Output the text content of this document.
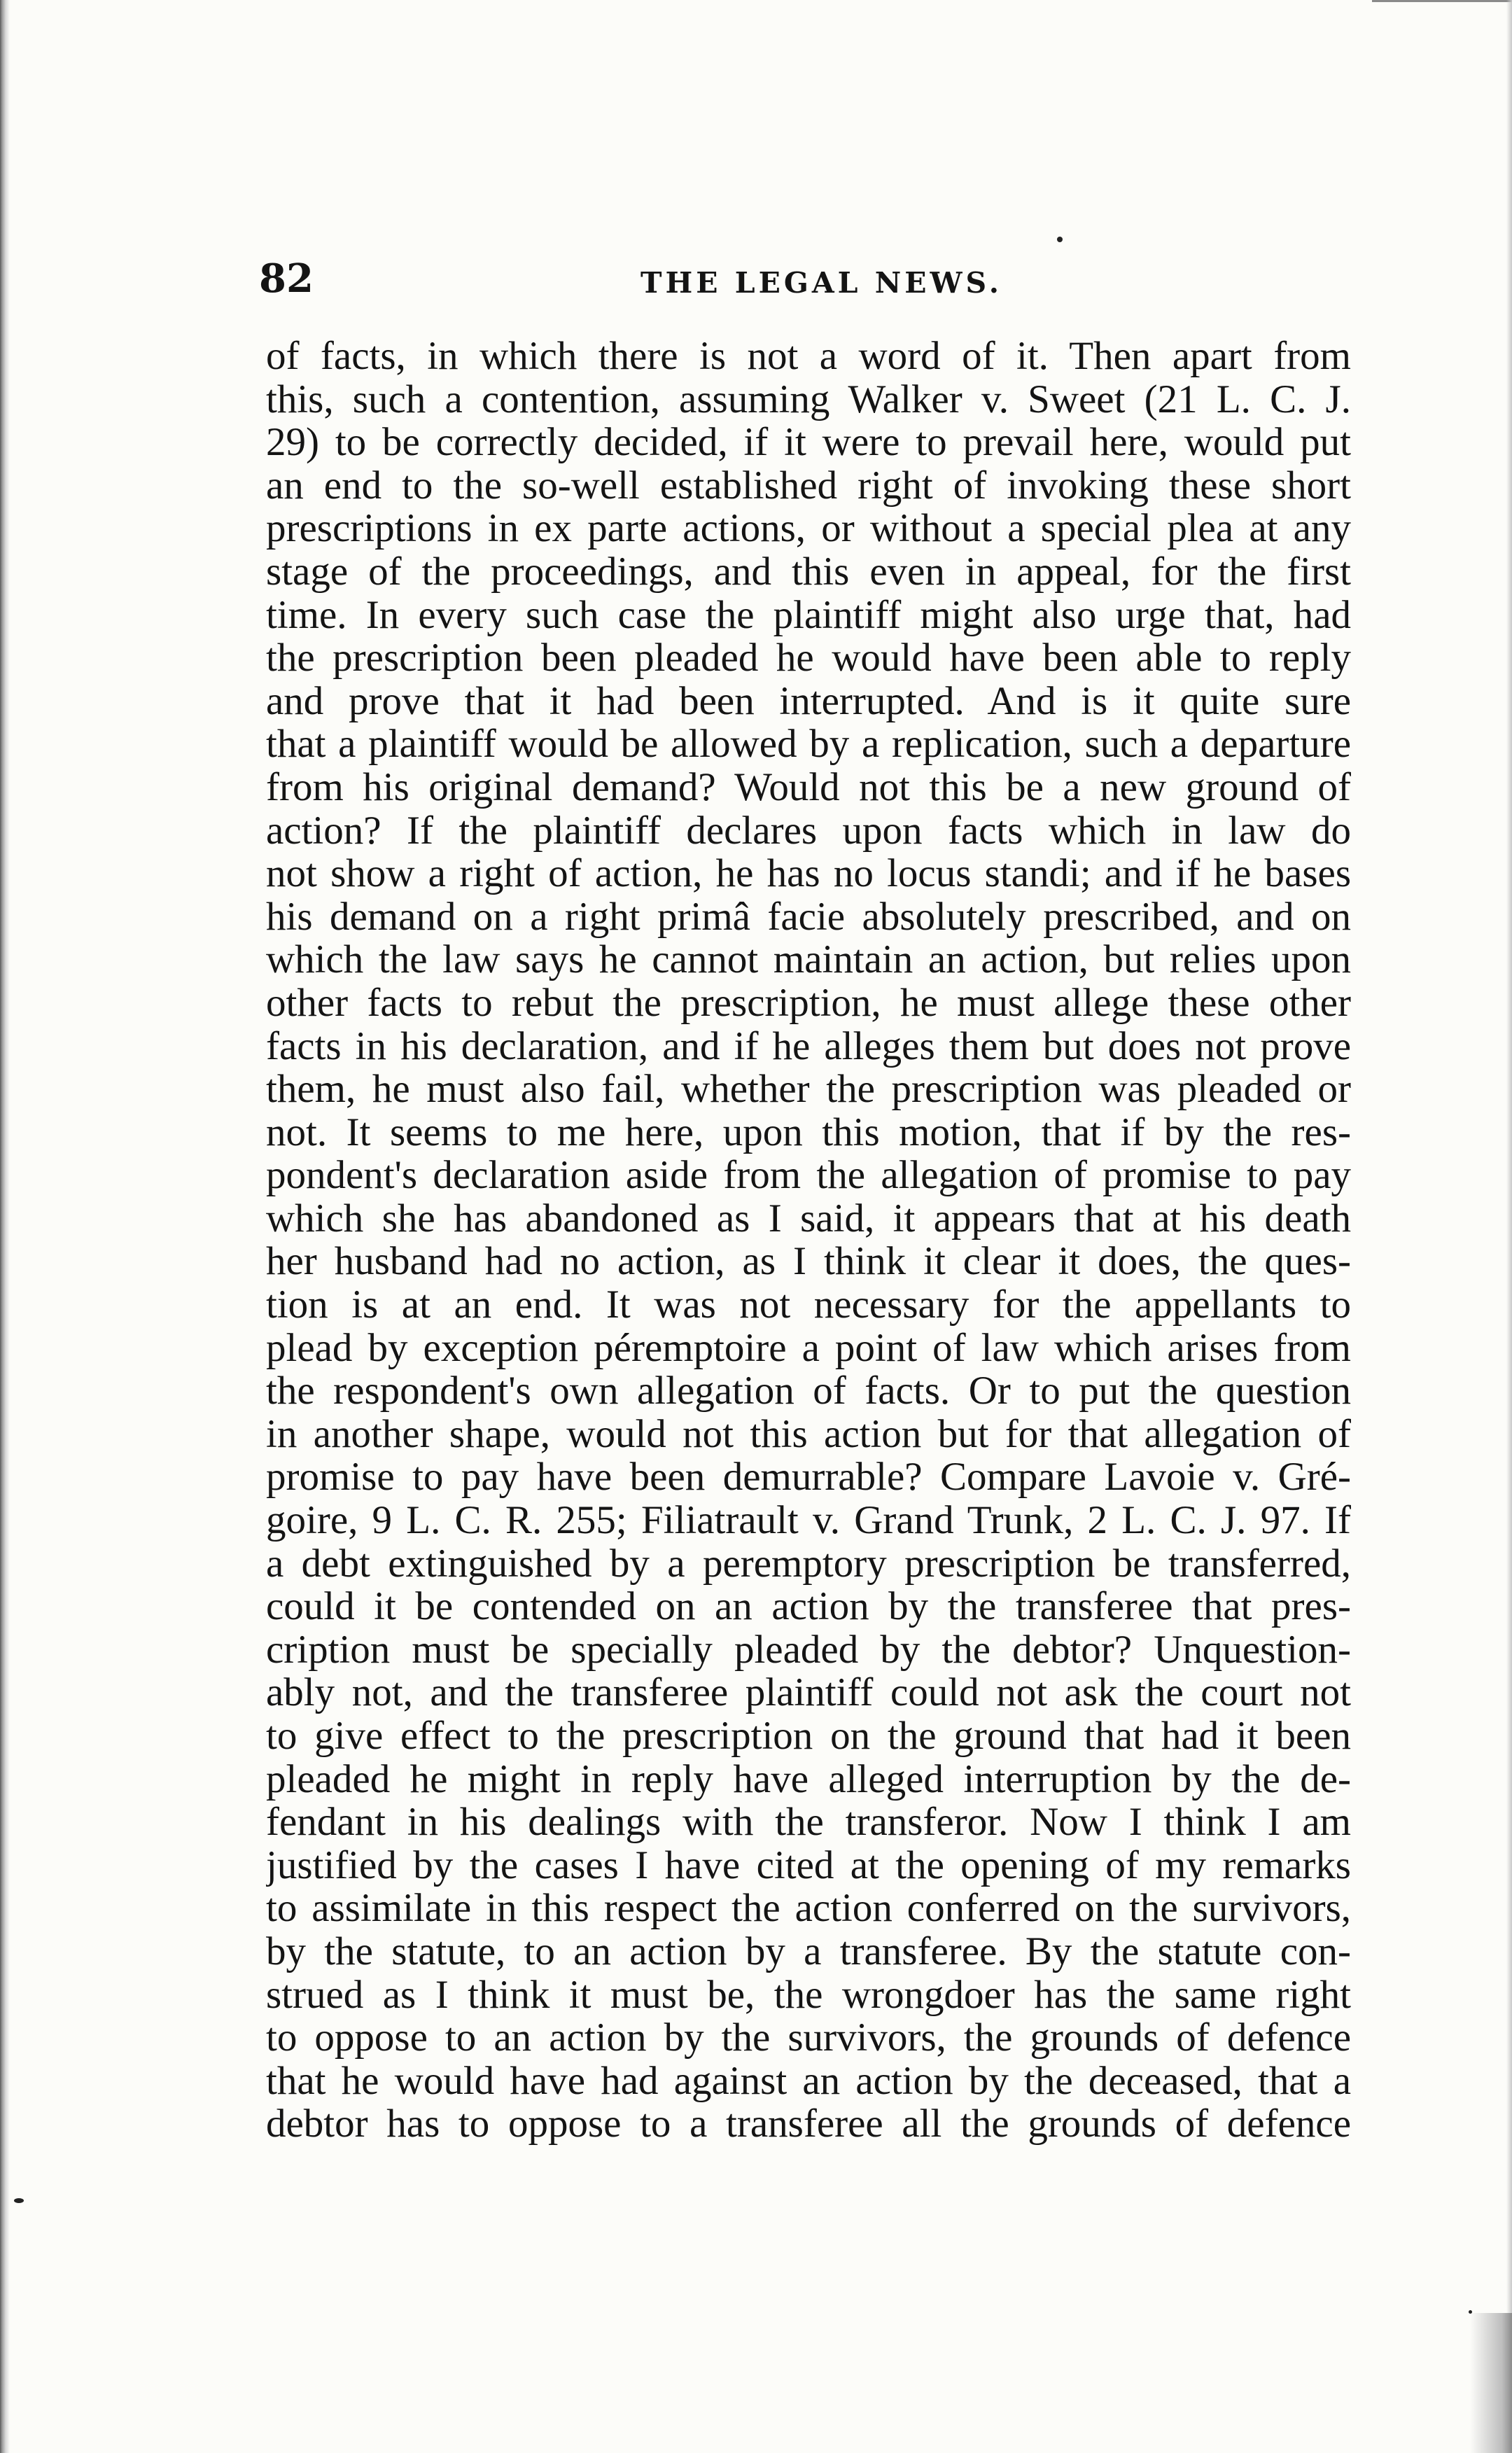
82	THE LEGAL NEWS.
of facts, in which there is not a word of it. Then apart from
this, such a contention, assuming Walker v. Sweet (21 L. C. J.
29) to be correctly decided, if it were to prevail here, would put
an end to the so-well established right of invoking these short
prescriptions in ex parte actions, or without a special plea at any
stage of the proceedings, and this even in appeal, for the first
time. In every such case the plaintiff might also urge that, had
the prescription been pleaded he would have been able to reply
and prove that it had been interrupted. And is it quite sure
that a plaintiff would be allowed by a replication, such a departure
from his original demand? Would not this be a new ground of
action? If the plaintiff declares upon facts which in law do
not show a right of action, he has no locus standi; and if he bases
his demand on a right primâ facie absolutely prescribed, and on
which the law says he cannot maintain an action, but relies upon
other facts to rebut the prescription, he must allege these other
facts in his declaration, and if he alleges them but does not prove
them, he must also fail, whether the prescription was pleaded or
not. It seems to me here, upon this motion, that if by the res-
pondent's declaration aside from the allegation of promise to pay
which she has abandoned as I said, it appears that at his death
her husband had no action, as I think it clear it does, the ques-
tion is at an end. It was not necessary for the appellants to
plead by exception péremptoire a point of law which arises from
the respondent's own allegation of facts. Or to put the question
in another shape, would not this action but for that allegation of
promise to pay have been demurrable? Compare Lavoie v. Gré-
goire, 9 L. C. R. 255; Filiatrault v. Grand Trunk, 2 L. C. J. 97. If
a debt extinguished by a peremptory prescription be transferred,
could it be contended on an action by the transferee that pres-
cription must be specially pleaded by the debtor? Unquestion-
ably not, and the transferee plaintiff could not ask the court not
to give effect to the prescription on the ground that had it been
pleaded he might in reply have alleged interruption by the de-
fendant in his dealings with the transferor. Now I think I am
justified by the cases I have cited at the opening of my remarks
to assimilate in this respect the action conferred on the survivors,
by the statute, to an action by a transferee. By the statute con-
strued as I think it must be, the wrongdoer has the same right
to oppose to an action by the survivors, the grounds of defence
that he would have had against an action by the deceased, that a
debtor has to oppose to a transferee all the grounds of defence
